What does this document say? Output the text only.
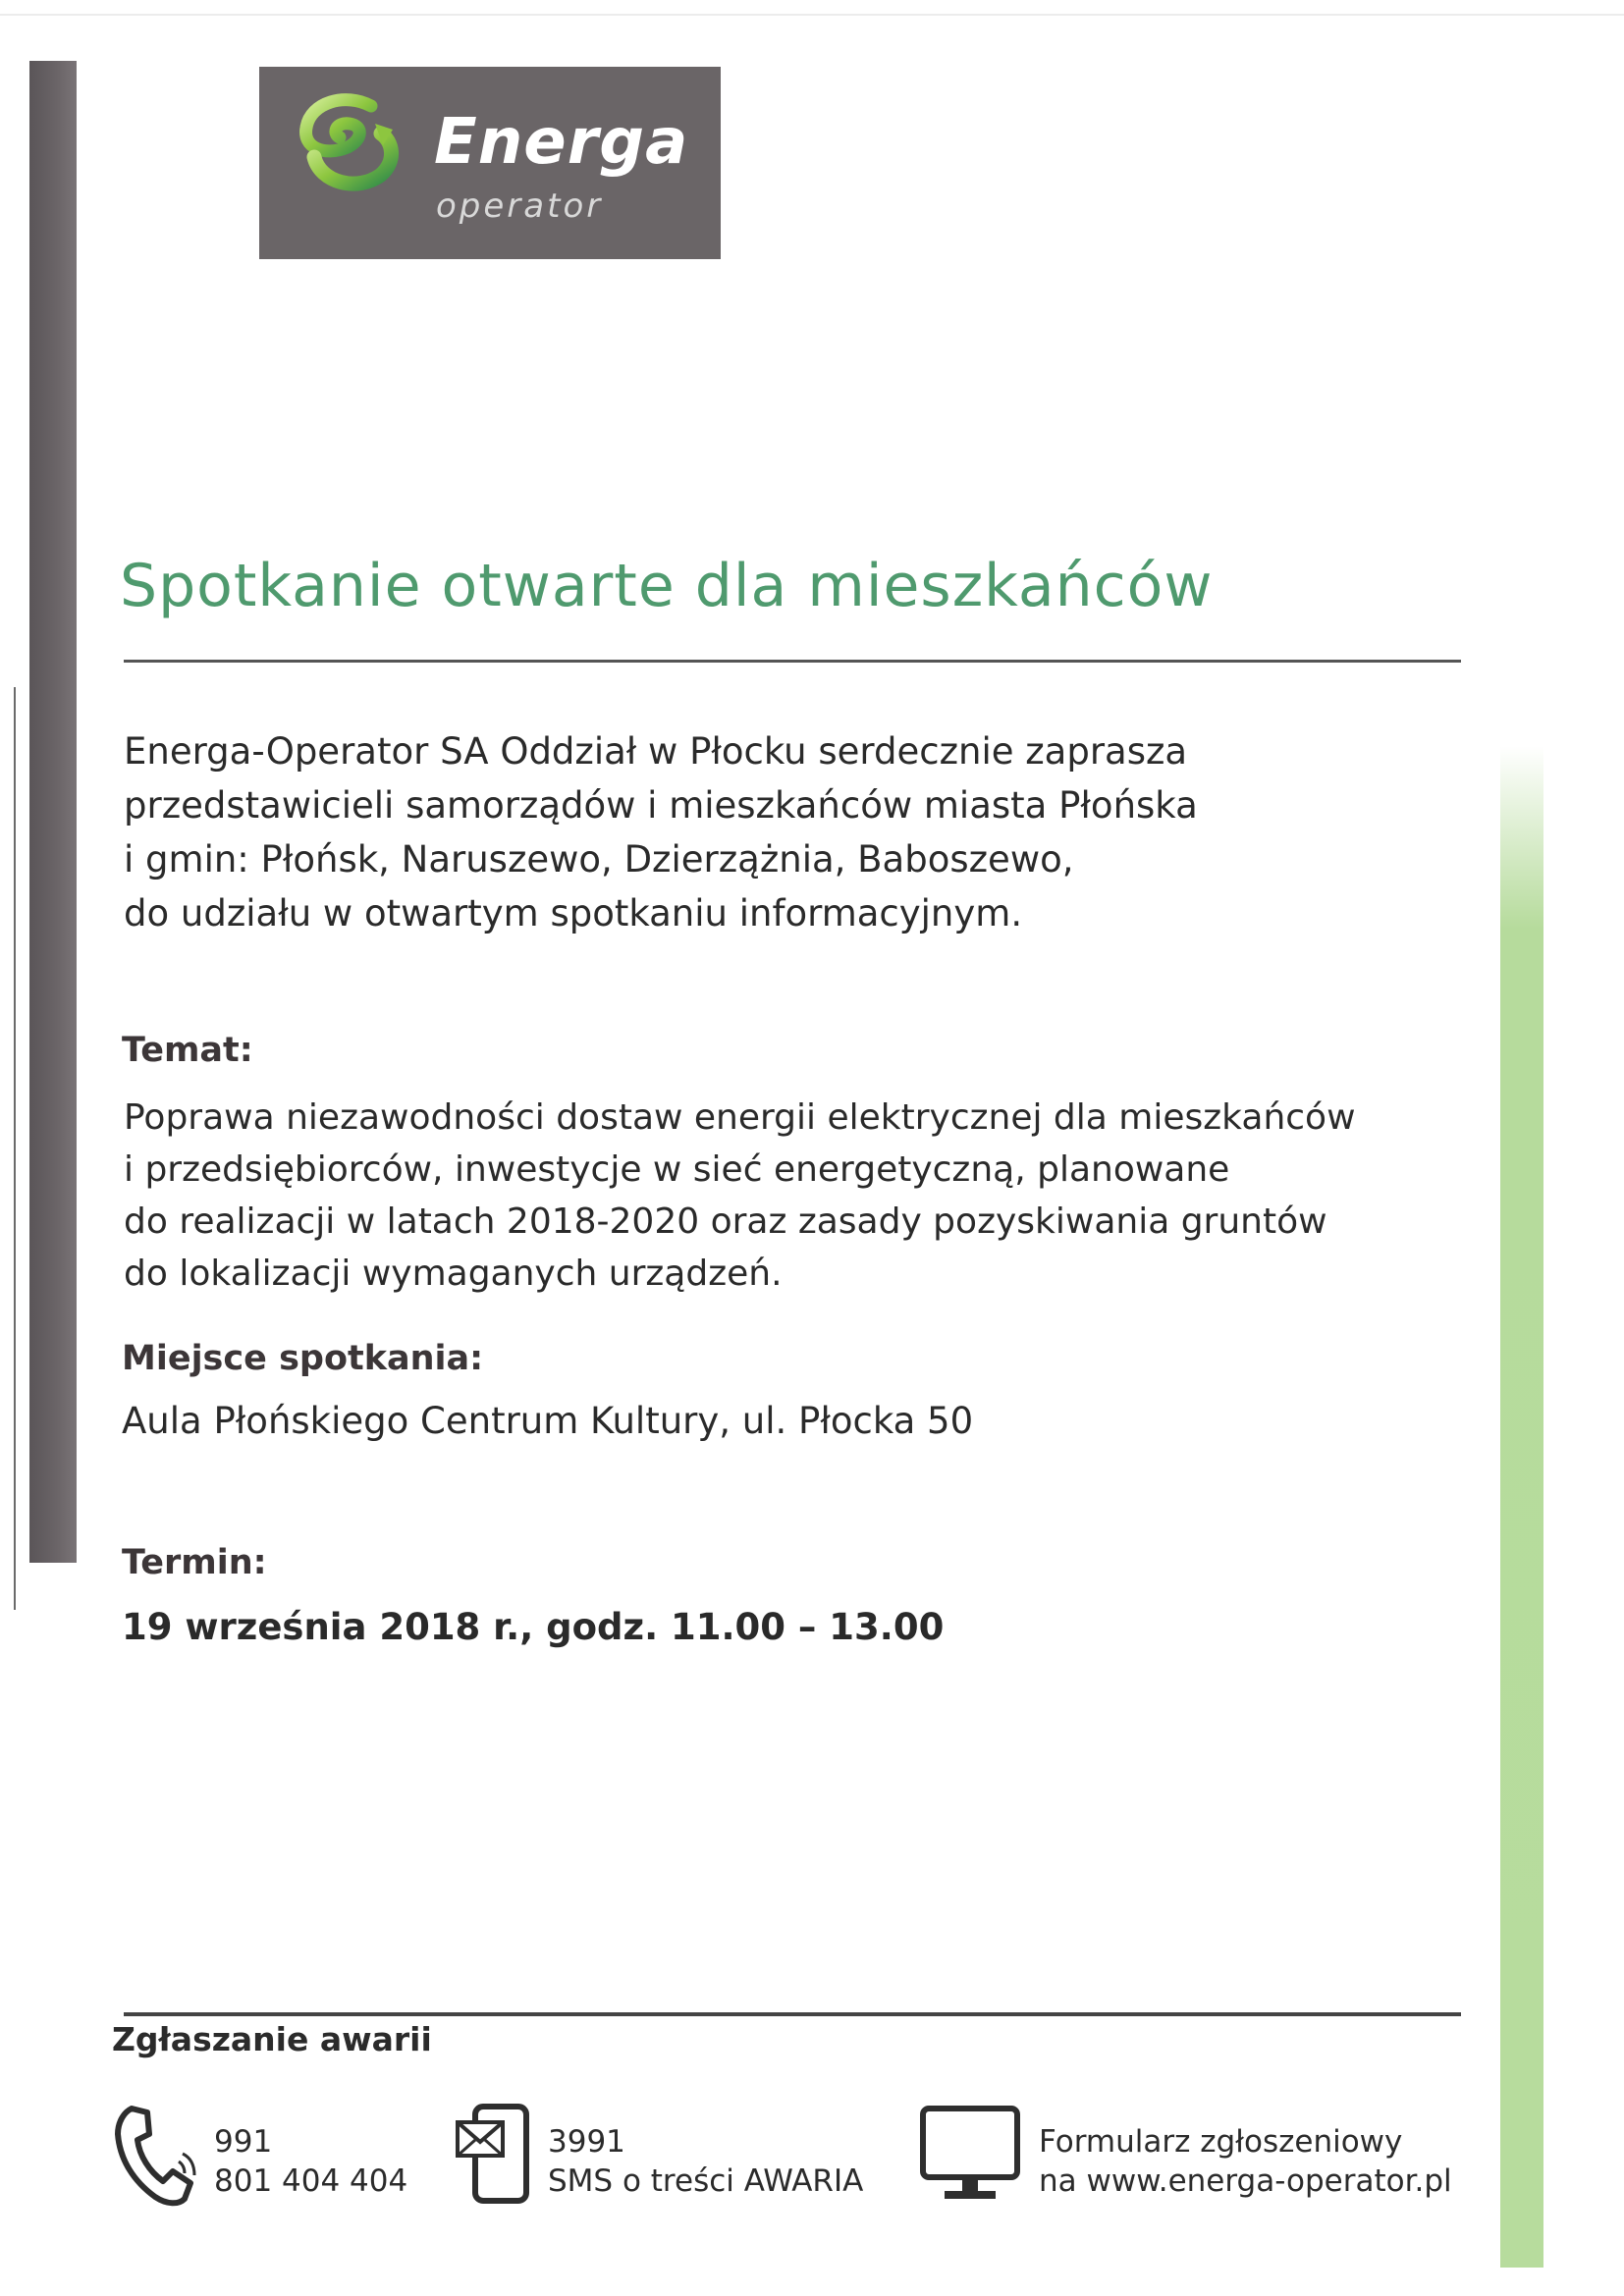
Energa
operator
Spotkanie otwarte dla mieszkańców

Energa-Operator SA Oddział w Płocku serdecznie zaprasza
przedstawicieli samorządów i mieszkańców miasta Płońska
i gmin: Płońsk, Naruszewo, Dzierzążnia, Baboszewo,
do udziału w otwartym spotkaniu informacyjnym.

Temat:

Poprawa niezawodności dostaw energii elektrycznej dla mieszkańców
i przedsiębiorców, inwestycje w sieć energetyczną, planowane
do realizacji w latach 2018-2020 oraz zasady pozyskiwania gruntów
do lokalizacji wymaganych urządzeń.

Miejsce spotkania:

Aula Płońskiego Centrum Kultury, ul. Płocka 50

Termin:

19 września 2018 r., godz. 11.00 – 13.00

Zgłaszanie awarii
991
801 404 404
3991
SMS o treści AWARIA
Formularz zgłoszeniowy
na www.energa-operator.pl
